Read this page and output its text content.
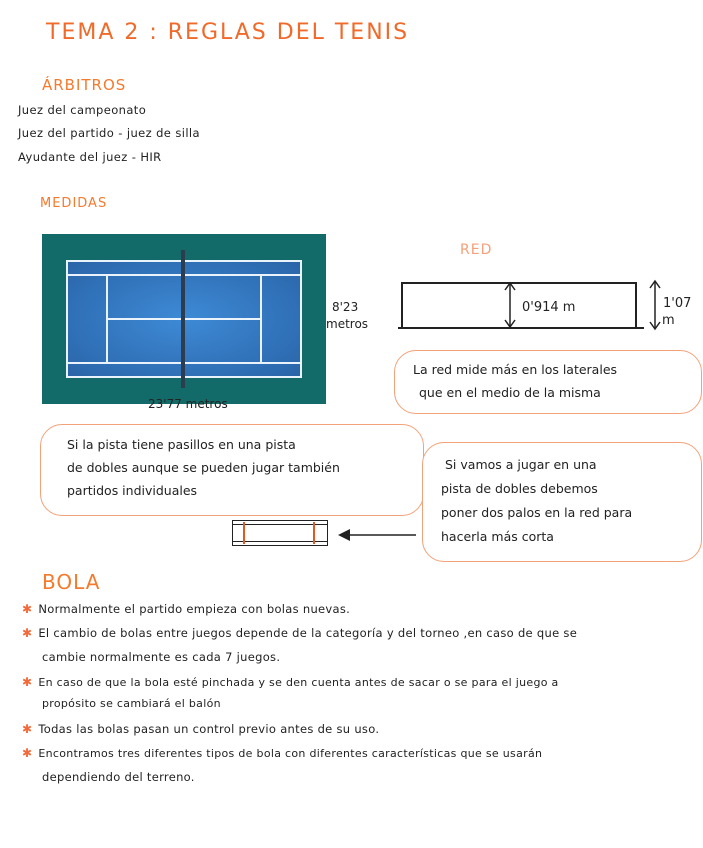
TEMA 2 : REGLAS DEL TENIS
ÁRBITROS
Juez del campeonato
Juez del partido - juez de silla
Ayudante del juez - HIR
MEDIDAS
8'23
metros
23'77 metros
RED
0'914 m	1'07
m
La red mide más en los laterales
que en el medio de la misma
Si la pista tiene pasillos en una pista
de dobles aunque se pueden jugar también
partidos individuales
Si vamos a jugar en una
pista de dobles debemos
poner dos palos en la red para
hacerla más corta
BOLA
✱ Normalmente el partido empieza con bolas nuevas.
✱ El cambio de bolas entre juegos depende de la categoría y del torneo ,en caso de que se
cambie normalmente es cada 7 juegos.
✱ En caso de que la bola esté pinchada y se den cuenta antes de sacar o se para el juego a
propósito se cambiará el balón
✱ Todas las bolas pasan un control previo antes de su uso.
✱ Encontramos tres diferentes tipos de bola con diferentes características que se usarán
dependiendo del terreno.
